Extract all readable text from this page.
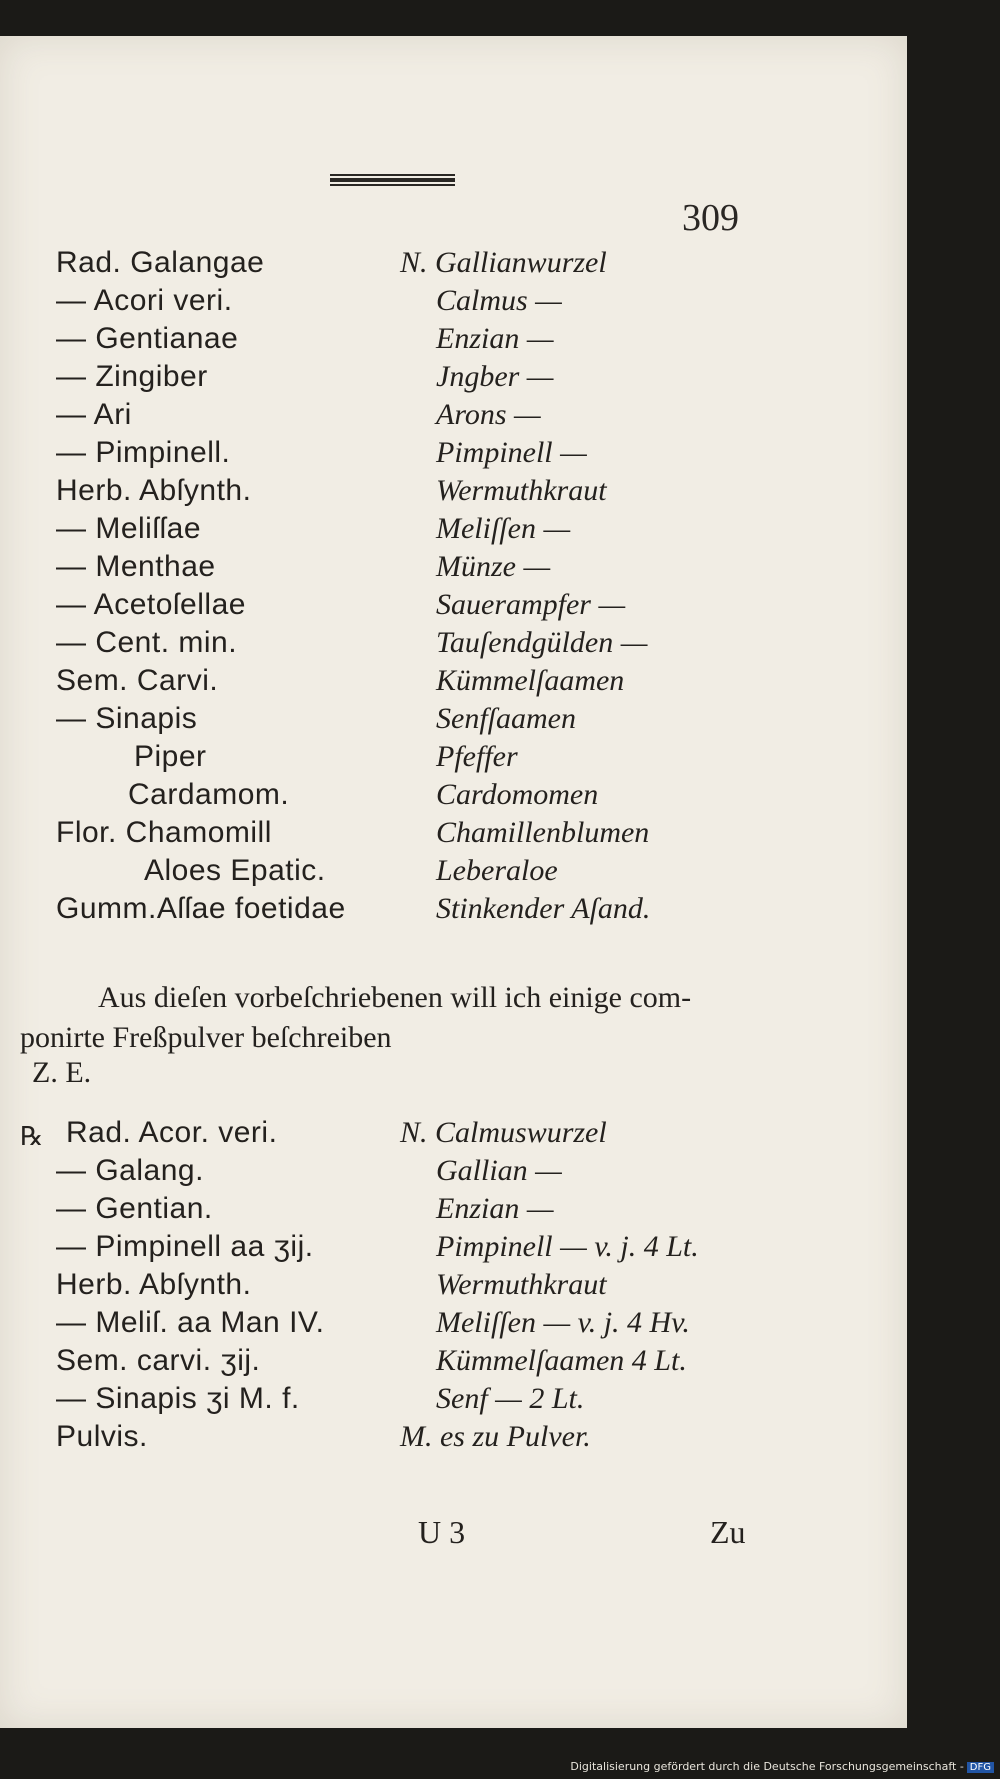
309
Rad. Galangae	N. Gallianwurzel
— Acori veri.	Calmus —
— Gentianae	Enzian —
— Zingiber	Jngber —
— Ari	Arons —
— Pimpinell.	Pimpinell —
Herb. Abſynth.	Wermuthkraut
— Meliſſae	Meliſſen —
— Menthae	Münze —
— Acetoſellae	Sauerampfer —
— Cent. min.	Tauſendgülden —
Sem. Carvi.	Kümmelſaamen
— Sinapis	Senfſaamen
Piper	Pfeffer
Cardamom.	Cardomomen
Flor. Chamomill	Chamillenblumen
Aloes Epatic.	Leberaloe
Gumm.Aſſae foetidae	Stinkender Aſand.
Aus dieſen vorbeſchriebenen will ich einige com-
ponirte Freßpulver beſchreiben
Z. E.
℞ Rad. Acor. veri.	N. Calmuswurzel
— Galang.	Gallian —
— Gentian.	Enzian —
— Pimpinell aa ʒij.	Pimpinell — v. j. 4 Lt.
Herb. Abſynth.	Wermuthkraut
— Meliſ. aa Man IV.	Meliſſen — v. j. 4 Hv.
Sem. carvi. ʒij.	Kümmelſaamen 4 Lt.
— Sinapis ʒi M. f.	Senf — 2 Lt.
Pulvis.	M. es zu Pulver.
U 3	Zu
Digitalisierung gefördert durch die Deutsche Forschungsgemeinschaft - DFG
